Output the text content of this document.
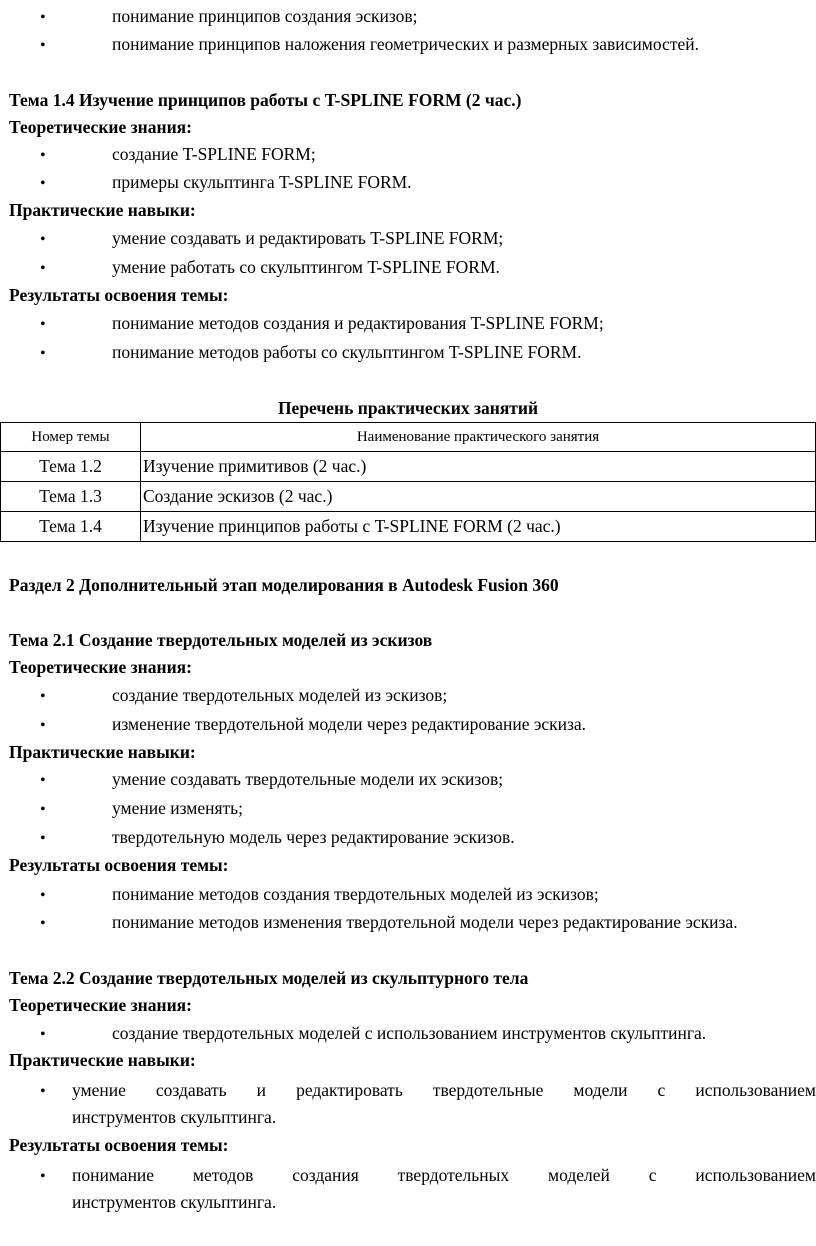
•	понимание принципов создания эскизов;
•	понимание принципов наложения геометрических и размерных зависимостей.
Тема 1.4 Изучение принципов работы с T-SPLINE FORM (2 час.)
Теоретические знания:
•	создание T-SPLINE FORM;
•	примеры скульптинга T-SPLINE FORM.
Практические навыки:
•	умение создавать и редактировать T-SPLINE FORM;
•	умение работать со скульптингом T-SPLINE FORM.
Результаты освоения темы:
•	понимание методов создания и редактирования T-SPLINE FORM;
•	понимание методов работы со скульптингом T-SPLINE FORM.
Перечень практических занятий
Номер темы	Наименование практического занятия
Тема 1.2	Изучение примитивов (2 час.)
Тема 1.3	Создание эскизов (2 час.)
Тема 1.4	Изучение принципов работы с T-SPLINE FORM (2 час.)
Раздел 2 Дополнительный этап моделирования в Autodesk Fusion 360
Тема 2.1 Создание твердотельных моделей из эскизов
Теоретические знания:
•	создание твердотельных моделей из эскизов;
•	изменение твердотельной модели через редактирование эскиза.
Практические навыки:
•	умение создавать твердотельные модели их эскизов;
•	умение изменять;
•	твердотельную модель через редактирование эскизов.
Результаты освоения темы:
•	понимание методов создания твердотельных моделей из эскизов;
•	понимание методов изменения твердотельной модели через редактирование эскиза.
Тема 2.2 Создание твердотельных моделей из скульптурного тела
Теоретические знания:
•	создание твердотельных моделей с использованием инструментов скульптинга.
Практические навыки:
• умение создавать и редактировать твердотельные модели с использованием
инструментов скульптинга.
Результаты освоения темы:
• понимание методов создания твердотельных моделей с использованием
инструментов скульптинга.
